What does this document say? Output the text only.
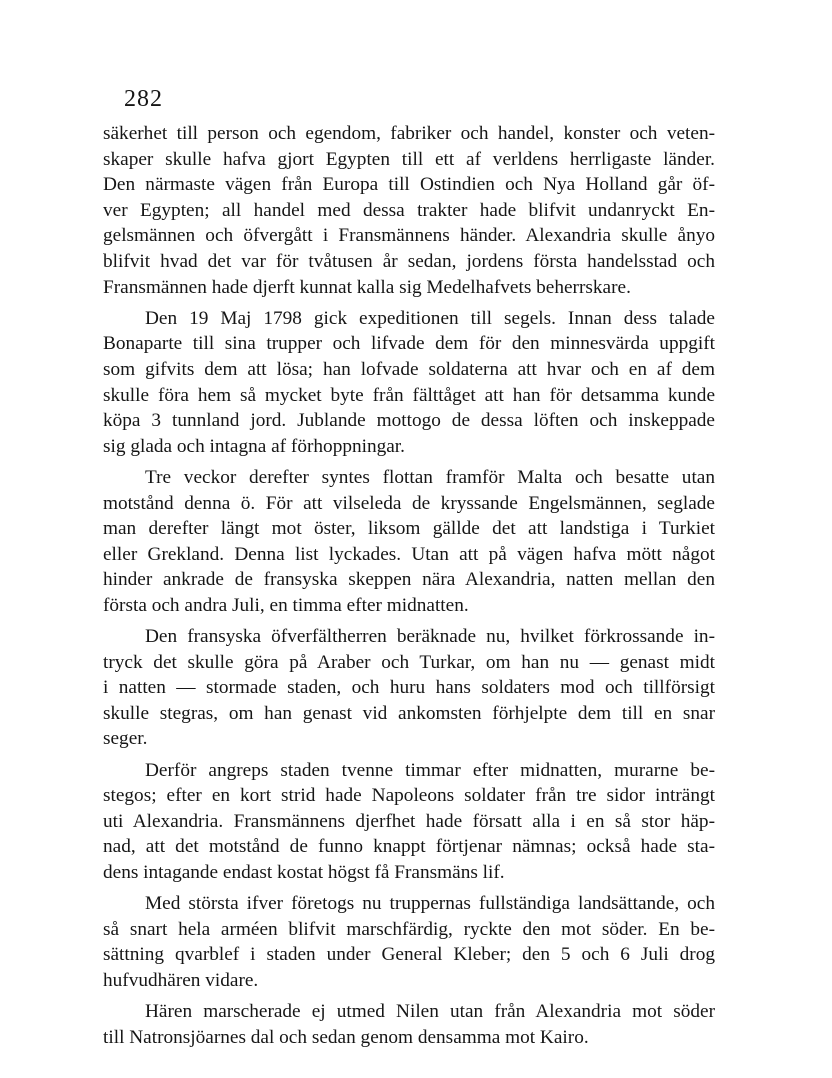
282
säkerhet till person och egendom, fabriker och handel, konster och veten-
skaper skulle hafva gjort Egypten till ett af verldens herrligaste länder.
Den närmaste vägen från Europa till Ostindien och Nya Holland går öf-
ver Egypten; all handel med dessa trakter hade blifvit undanryckt En-
gelsmännen och öfvergått i Fransmännens händer. Alexandria skulle ånyo
blifvit hvad det var för tvåtusen år sedan, jordens första handelsstad och
Fransmännen hade djerft kunnat kalla sig Medelhafvets beherrskare.
Den 19 Maj 1798 gick expeditionen till segels. Innan dess talade
Bonaparte till sina trupper och lifvade dem för den minnesvärda uppgift
som gifvits dem att lösa; han lofvade soldaterna att hvar och en af dem
skulle föra hem så mycket byte från fälttåget att han för detsamma kunde
köpa 3 tunnland jord. Jublande mottogo de dessa löften och inskeppade
sig glada och intagna af förhoppningar.
Tre veckor derefter syntes flottan framför Malta och besatte utan
motstånd denna ö. För att vilseleda de kryssande Engelsmännen, seglade
man derefter längt mot öster, liksom gällde det att landstiga i Turkiet
eller Grekland. Denna list lyckades. Utan att på vägen hafva mött något
hinder ankrade de fransyska skeppen nära Alexandria, natten mellan den
första och andra Juli, en timma efter midnatten.
Den fransyska öfverfältherren beräknade nu, hvilket förkrossande in-
tryck det skulle göra på Araber och Turkar, om han nu — genast midt
i natten — stormade staden, och huru hans soldaters mod och tillförsigt
skulle stegras, om han genast vid ankomsten förhjelpte dem till en snar
seger.
Derför angreps staden tvenne timmar efter midnatten, murarne be-
stegos; efter en kort strid hade Napoleons soldater från tre sidor inträngt
uti Alexandria. Fransmännens djerfhet hade försatt alla i en så stor häp-
nad, att det motstånd de funno knappt förtjenar nämnas; också hade sta-
dens intagande endast kostat högst få Fransmäns lif.
Med största ifver företogs nu truppernas fullständiga landsättande, och
så snart hela arméen blifvit marschfärdig, ryckte den mot söder. En be-
sättning qvarblef i staden under General Kleber; den 5 och 6 Juli drog
hufvudhären vidare.
Hären marscherade ej utmed Nilen utan från Alexandria mot söder
till Natronsjöarnes dal och sedan genom densamma mot Kairo.
